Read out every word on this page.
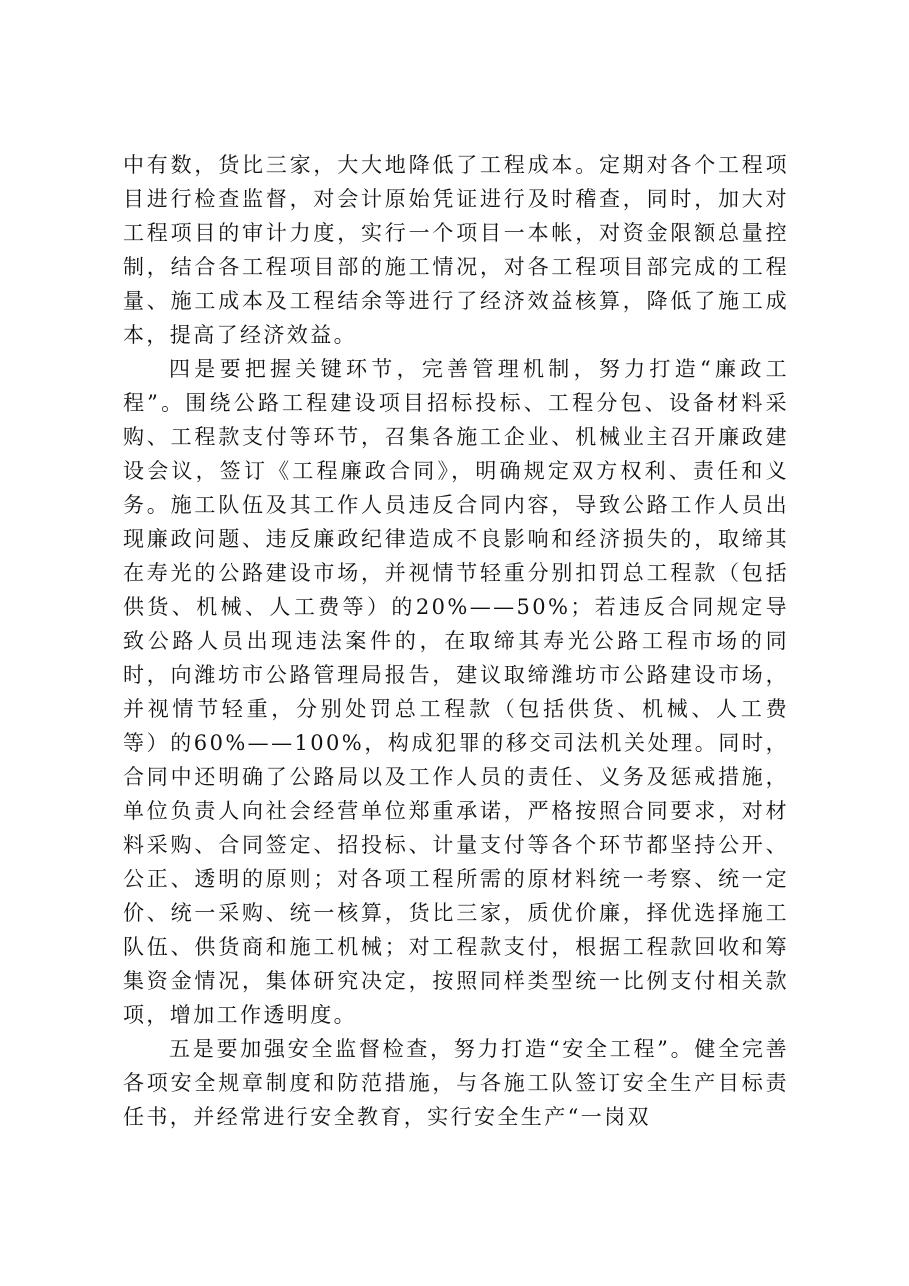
中有数，货比三家，大大地降低了工程成本。定期对各个工程项目进行检查监督，对会计原始凭证进行及时稽查，同时，加大对工程项目的审计力度，实行一个项目一本帐，对资金限额总量控制，结合各工程项目部的施工情况，对各工程项目部完成的工程量、施工成本及工程结余等进行了经济效益核算，降低了施工成本，提高了经济效益。

四是要把握关键环节，完善管理机制，努力打造“廉政工程”。围绕公路工程建设项目招标投标、工程分包、设备材料采购、工程款支付等环节，召集各施工企业、机械业主召开廉政建设会议，签订《工程廉政合同》，明确规定双方权利、责任和义务。施工队伍及其工作人员违反合同内容，导致公路工作人员出现廉政问题、违反廉政纪律造成不良影响和经济损失的，取缔其在寿光的公路建设市场，并视情节轻重分别扣罚总工程款（包括供货、机械、人工费等）的20%——50%；若违反合同规定导致公路人员出现违法案件的，在取缔其寿光公路工程市场的同时，向潍坊市公路管理局报告，建议取缔潍坊市公路建设市场，并视情节轻重，分别处罚总工程款（包括供货、机械、人工费等）的60%——100%，构成犯罪的移交司法机关处理。同时，合同中还明确了公路局以及工作人员的责任、义务及惩戒措施，单位负责人向社会经营单位郑重承诺，严格按照合同要求，对材料采购、合同签定、招投标、计量支付等各个环节都坚持公开、公正、透明的原则；对各项工程所需的原材料统一考察、统一定价、统一采购、统一核算，货比三家，质优价廉，择优选择施工队伍、供货商和施工机械；对工程款支付，根据工程款回收和筹集资金情况，集体研究决定，按照同样类型统一比例支付相关款项，增加工作透明度。

五是要加强安全监督检查，努力打造“安全工程”。健全完善各项安全规章制度和防范措施，与各施工队签订安全生产目标责任书，并经常进行安全教育，实行安全生产“一岗双
